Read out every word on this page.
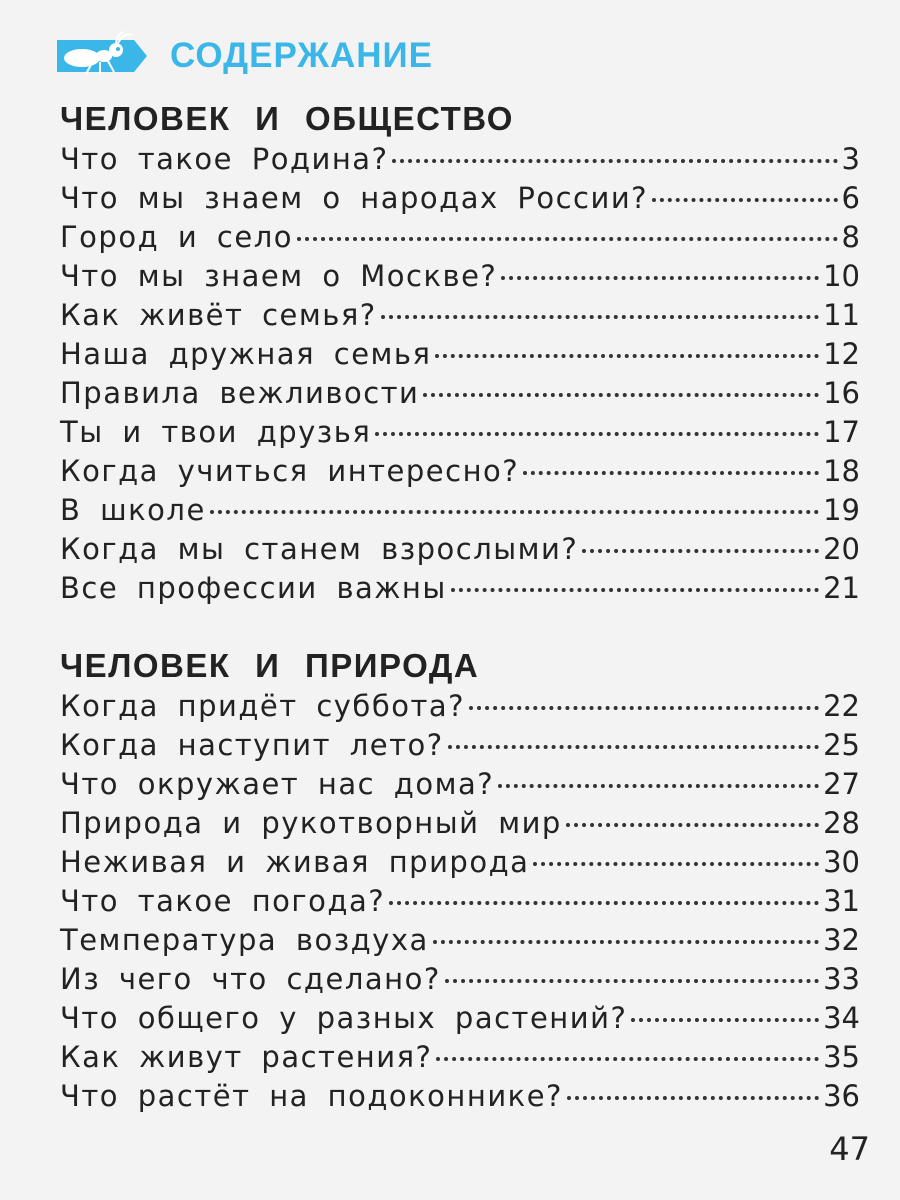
СОДЕРЖАНИЕ
ЧЕЛОВЕК И ОБЩЕСТВО
Что такое Родина?	3
Что мы знаем о народах России?	6
Город и село	8
Что мы знаем о Москве?	10
Как живёт семья?	11
Наша дружная семья	12
Правила вежливости	16
Ты и твои друзья	17
Когда учиться интересно?	18
В школе	19
Когда мы станем взрослыми?	20
Все профессии важны	21
ЧЕЛОВЕК И ПРИРОДА
Когда придёт суббота?	22
Когда наступит лето?	25
Что окружает нас дома?	27
Природа и рукотворный мир	28
Неживая и живая природа	30
Что такое погода?	31
Температура воздуха	32
Из чего что сделано?	33
Что общего у разных растений?	34
Как живут растения?	35
Что растёт на подоконнике?	36
47
